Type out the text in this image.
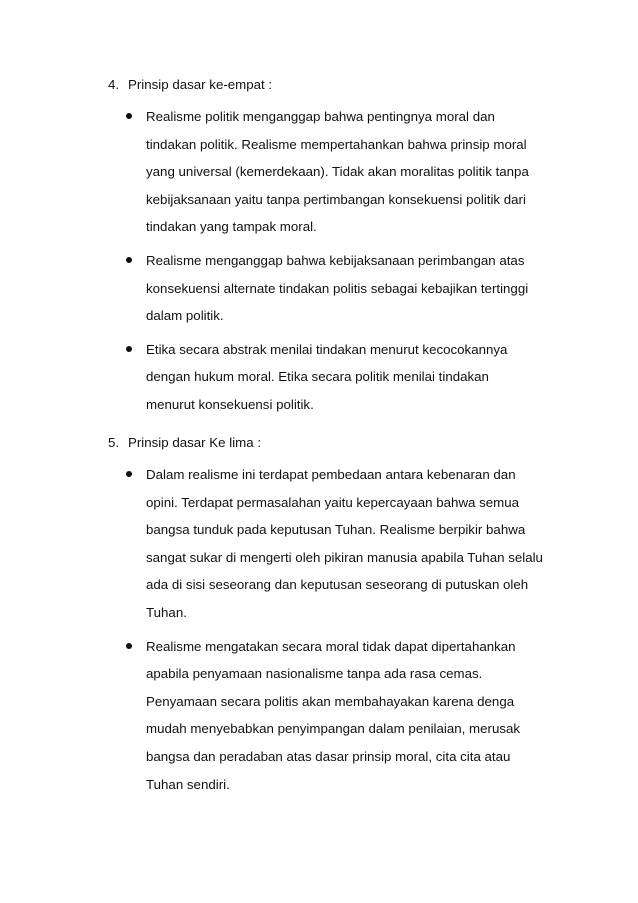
4. Prinsip dasar ke-empat :
Realisme politik menganggap bahwa pentingnya moral dan
tindakan politik. Realisme mempertahankan bahwa prinsip moral
yang universal (kemerdekaan). Tidak akan moralitas politik tanpa
kebijaksanaan yaitu tanpa pertimbangan konsekuensi politik dari
tindakan yang tampak moral.
Realisme menganggap bahwa kebijaksanaan perimbangan atas
konsekuensi alternate tindakan politis sebagai kebajikan tertinggi
dalam politik.
Etika secara abstrak menilai tindakan menurut kecocokannya
dengan hukum moral. Etika secara politik menilai tindakan
menurut konsekuensi politik.
5. Prinsip dasar Ke lima :
Dalam realisme ini terdapat pembedaan antara kebenaran dan
opini. Terdapat permasalahan yaitu kepercayaan bahwa semua
bangsa tunduk pada keputusan Tuhan. Realisme berpikir bahwa
sangat sukar di mengerti oleh pikiran manusia apabila Tuhan selalu
ada di sisi seseorang dan keputusan seseorang di putuskan oleh
Tuhan.
Realisme mengatakan secara moral tidak dapat dipertahankan
apabila penyamaan nasionalisme tanpa ada rasa cemas.
Penyamaan secara politis akan membahayakan karena denga
mudah menyebabkan penyimpangan dalam penilaian, merusak
bangsa dan peradaban atas dasar prinsip moral, cita cita atau
Tuhan sendiri.
